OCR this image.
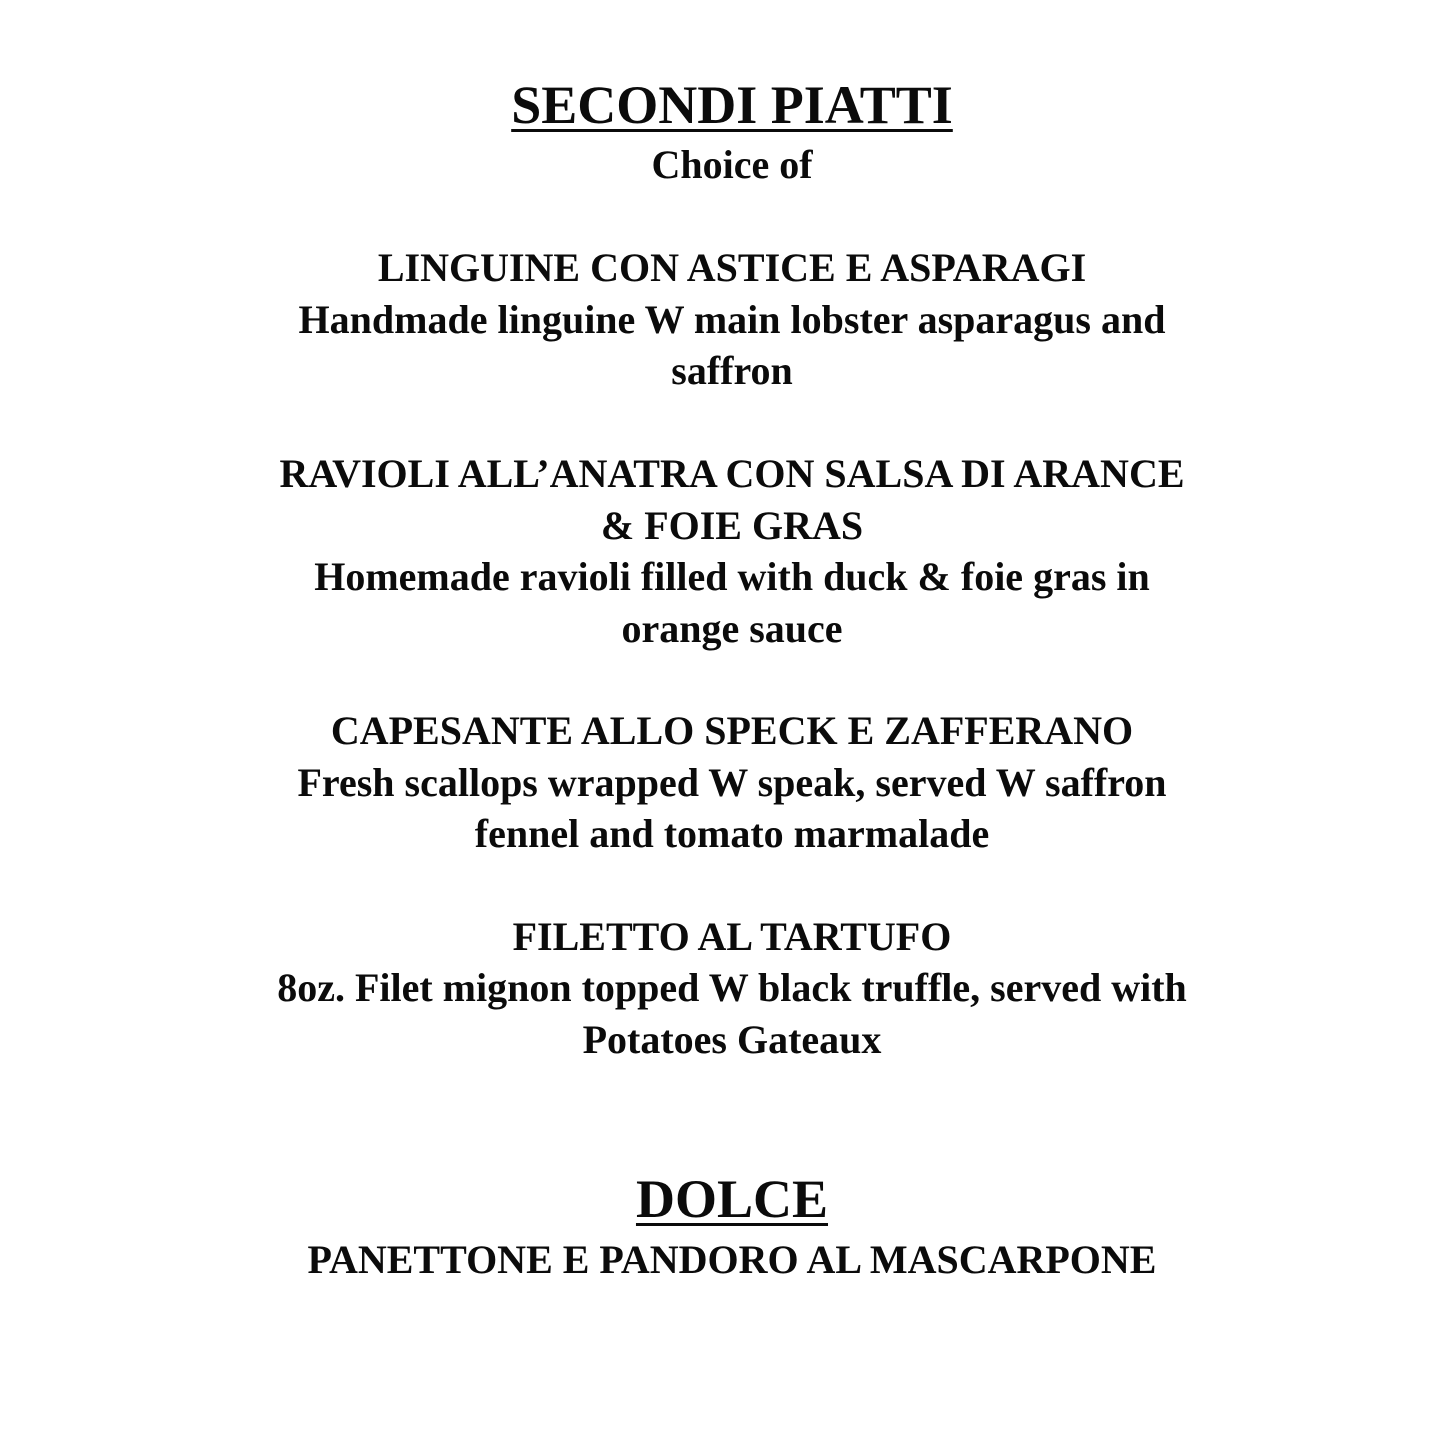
SECONDI PIATTI
Choice of
LINGUINE CON ASTICE E ASPARAGI
Handmade linguine W main lobster asparagus and
saffron
RAVIOLI ALL’ANATRA CON SALSA DI ARANCE
& FOIE GRAS
Homemade ravioli filled with duck & foie gras in
orange sauce
CAPESANTE ALLO SPECK E ZAFFERANO
Fresh scallops wrapped W speak, served W saffron
fennel and tomato marmalade
FILETTO AL TARTUFO
8oz. Filet mignon topped W black truffle, served with
Potatoes Gateaux
DOLCE
PANETTONE E PANDORO AL MASCARPONE
